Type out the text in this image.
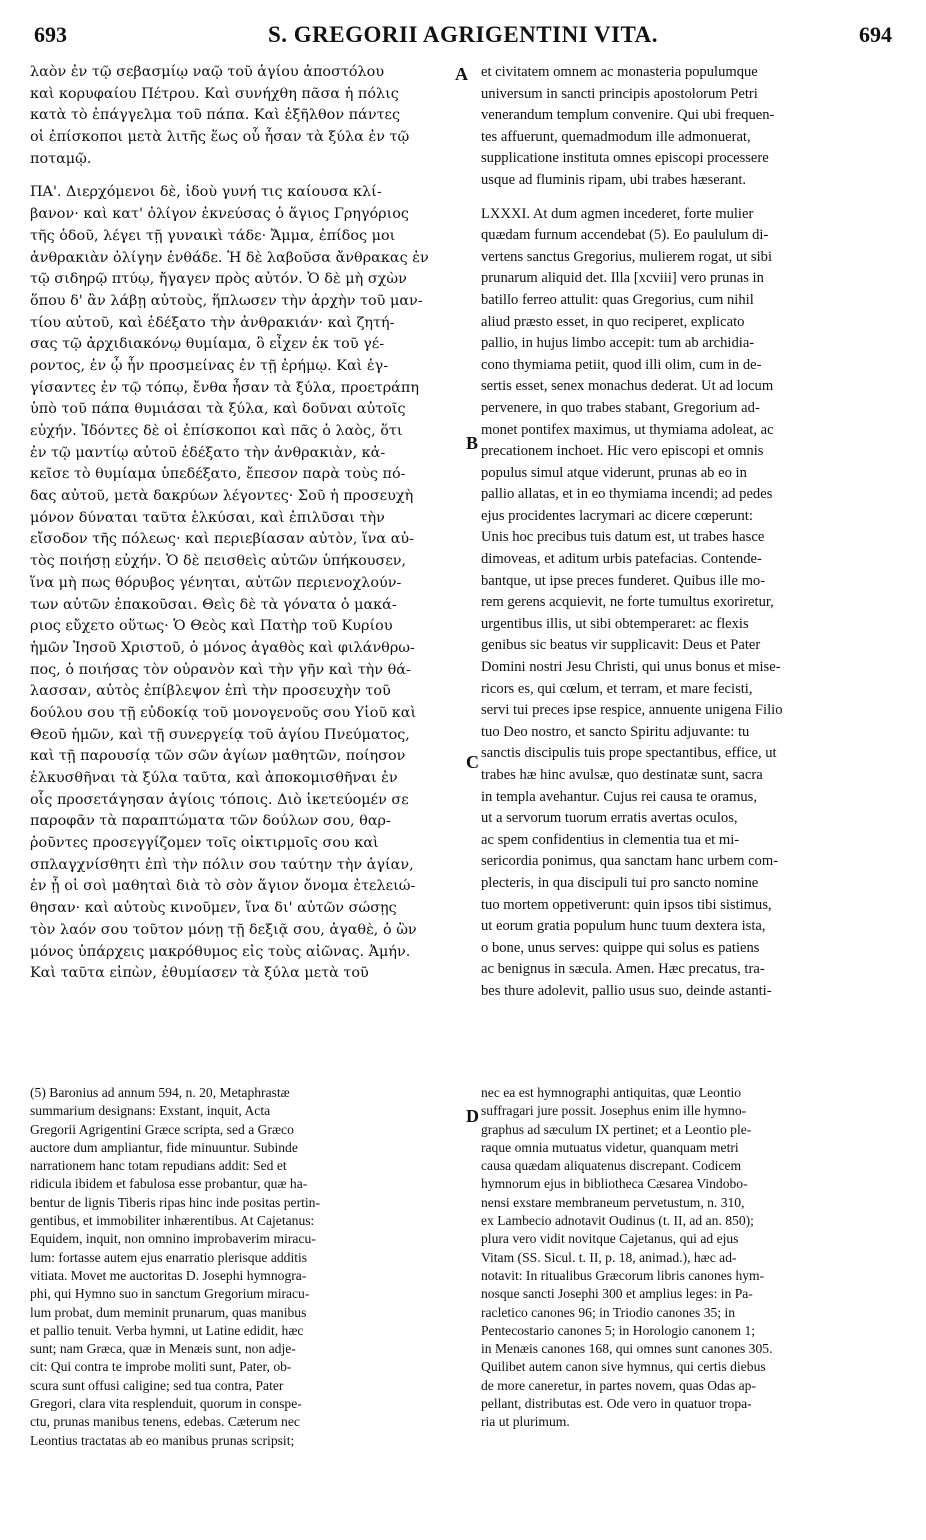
693	S. GREGORII AGRIGENTINI VITA.	694
A
B
C
D
λαὸν ἐν τῷ σεβασμίῳ ναῷ τοῦ ἁγίου ἀποστόλου
καὶ κορυφαίου Πέτρου. Καὶ συνήχθη πᾶσα ἡ πόλις
κατὰ τὸ ἐπάγγελμα τοῦ πάπα. Καὶ ἐξῆλθον πάντες
οἱ ἐπίσκοποι μετὰ λιτῆς ἕως οὗ ἦσαν τὰ ξύλα ἐν τῷ
ποταμῷ.
ΠΑ'. Διερχόμενοι δὲ, ἰδοὺ γυνή τις καίουσα κλί-
βανον· καὶ κατ' ὀλίγον ἐκνεύσας ὁ ἅγιος Γρηγόριος
τῆς ὁδοῦ, λέγει τῇ γυναικὶ τάδε· Ἄμμα, ἐπίδος μοι
ἀνθρακιὰν ὀλίγην ἐνθάδε. Ἡ δὲ λαβοῦσα ἄνθρακας ἐν
τῷ σιδηρῷ πτύῳ, ἤγαγεν πρὸς αὐτόν. Ὁ δὲ μὴ σχὼν
ὅπου δ' ἂν λάβῃ αὐτοὺς, ἥπλωσεν τὴν ἀρχὴν τοῦ μαν-
τίου αὐτοῦ, καὶ ἐδέξατο τὴν ἀνθρακιάν· καὶ ζητή-
σας τῷ ἀρχιδιακόνῳ θυμίαμα, ὃ εἶχεν ἐκ τοῦ γέ-
ροντος, ἐν ᾧ ἦν προσμείνας ἐν τῇ ἐρήμῳ. Καὶ ἐγ-
γίσαντες ἐν τῷ τόπῳ, ἔνθα ἦσαν τὰ ξύλα, προετράπη
ὑπὸ τοῦ πάπα θυμιάσαι τὰ ξύλα, καὶ δοῦναι αὐτοῖς
εὐχήν. Ἰδόντες δὲ οἱ ἐπίσκοποι καὶ πᾶς ὁ λαὸς, ὅτι
ἐν τῷ μαντίῳ αὐτοῦ ἐδέξατο τὴν ἀνθρακιὰν, κἀ-
κεῖσε τὸ θυμίαμα ὑπεδέξατο, ἔπεσον παρὰ τοὺς πό-
δας αὐτοῦ, μετὰ δακρύων λέγοντες· Σοῦ ἡ προσευχὴ
μόνον δύναται ταῦτα ἑλκύσαι, καὶ ἐπιλῦσαι τὴν
εἴσοδον τῆς πόλεως· καὶ περιεβίασαν αὐτὸν, ἵνα αὐ-
τὸς ποιήσῃ εὐχήν. Ὁ δὲ πεισθεὶς αὐτῶν ὑπήκουσεν,
ἵνα μὴ πως θόρυβος γένηται, αὐτῶν περιενοχλούν-
των αὐτῶν ἐπακοῦσαι. Θεὶς δὲ τὰ γόνατα ὁ μακά-
ριος εὔχετο οὕτως· Ὁ Θεὸς καὶ Πατὴρ τοῦ Κυρίου
ἡμῶν Ἰησοῦ Χριστοῦ, ὁ μόνος ἀγαθὸς καὶ φιλάνθρω-
πος, ὁ ποιήσας τὸν οὐρανὸν καὶ τὴν γῆν καὶ τὴν θά-
λασσαν, αὐτὸς ἐπίβλεψον ἐπὶ τὴν προσευχὴν τοῦ
δούλου σου τῇ εὐδοκίᾳ τοῦ μονογενοῦς σου Υἱοῦ καὶ
Θεοῦ ἡμῶν, καὶ τῇ συνεργείᾳ τοῦ ἁγίου Πνεύματος,
καὶ τῇ παρουσίᾳ τῶν σῶν ἁγίων μαθητῶν, ποίησον
ἑλκυσθῆναι τὰ ξύλα ταῦτα, καὶ ἀποκομισθῆναι ἐν
οἷς προσετάγησαν ἁγίοις τόποις. Διὸ ἱκετεύομέν σε
παροφᾶν τὰ παραπτώματα τῶν δούλων σου, θαρ-
ῥοῦντες προσεγγίζομεν τοῖς οἰκτιρμοῖς σου καὶ
σπλαγχνίσθητι ἐπὶ τὴν πόλιν σου ταύτην τὴν ἁγίαν,
ἐν ᾗ οἱ σοὶ μαθηταὶ διὰ τὸ σὸν ἅγιον ὄνομα ἐτελειώ-
θησαν· καὶ αὐτοὺς κινοῦμεν, ἵνα δι' αὐτῶν σώσῃς
τὸν λαόν σου τοῦτον μόνῃ τῇ δεξιᾷ σου, ἀγαθὲ, ὁ ὢν
μόνος ὑπάρχεις μακρόθυμος εἰς τοὺς αἰῶνας. Ἀμήν.
Καὶ ταῦτα εἰπὼν, ἐθυμίασεν τὰ ξύλα μετὰ τοῦ
et civitatem omnem ac monasteria populumque
universum in sancti principis apostolorum Petri
venerandum templum convenire. Qui ubi frequen-
tes affuerunt, quemadmodum ille admonuerat,
supplicatione instituta omnes episcopi processere
usque ad fluminis ripam, ubi trabes hæserant.
LXXXI. At dum agmen incederet, forte mulier
quædam furnum accendebat (5). Eo paululum di-
vertens sanctus Gregorius, mulierem rogat, ut sibi
prunarum aliquid det. Illa [xcviii] vero prunas in
batillo ferreo attulit: quas Gregorius, cum nihil
aliud præsto esset, in quo reciperet, explicato
pallio, in hujus limbo accepit: tum ab archidia-
cono thymiama petiit, quod illi olim, cum in de-
sertis esset, senex monachus dederat. Ut ad locum
pervenere, in quo trabes stabant, Gregorium ad-
monet pontifex maximus, ut thymiama adoleat, ac
precationem inchoet. Hic vero episcopi et omnis
populus simul atque viderunt, prunas ab eo in
pallio allatas, et in eo thymiama incendi; ad pedes
ejus procidentes lacrymari ac dicere cœperunt:
Unis hoc precibus tuis datum est, ut trabes hasce
dimoveas, et aditum urbis patefacias. Contende-
bantque, ut ipse preces funderet. Quibus ille mo-
rem gerens acquievit, ne forte tumultus exoriretur,
urgentibus illis, ut sibi obtemperaret: ac flexis
genibus sic beatus vir supplicavit: Deus et Pater
Domini nostri Jesu Christi, qui unus bonus et mise-
ricors es, qui cœlum, et terram, et mare fecisti,
servi tui preces ipse respice, annuente unigena Filio
tuo Deo nostro, et sancto Spiritu adjuvante: tu
sanctis discipulis tuis prope spectantibus, effice, ut
trabes hæ hinc avulsæ, quo destinatæ sunt, sacra
in templa avehantur. Cujus rei causa te oramus,
ut a servorum tuorum erratis avertas oculos,
ac spem confidentius in clementia tua et mi-
sericordia ponimus, qua sanctam hanc urbem com-
plecteris, in qua discipuli tui pro sancto nomine
tuo mortem oppetiverunt: quin ipsos tibi sistimus,
ut eorum gratia populum hunc tuum dextera ista,
o bone, unus serves: quippe qui solus es patiens
ac benignus in sæcula. Amen. Hæc precatus, tra-
bes thure adolevit, pallio usus suo, deinde astanti-
(5) Baronius ad annum 594, n. 20, Metaphrastæ
summarium designans: Exstant, inquit, Acta
Gregorii Agrigentini Græce scripta, sed a Græco
auctore dum ampliantur, fide minuuntur. Subinde
narrationem hanc totam repudians addit: Sed et
ridicula ibidem et fabulosa esse probantur, quæ ha-
bentur de lignis Tiberis ripas hinc inde positas pertin-
gentibus, et immobiliter inhærentibus. At Cajetanus:
Equidem, inquit, non omnino improbaverim miracu-
lum: fortasse autem ejus enarratio plerisque additis
vitiata. Movet me auctoritas D. Josephi hymnogra-
phi, qui Hymno suo in sanctum Gregorium miracu-
lum probat, dum meminit prunarum, quas manibus
et pallio tenuit. Verba hymni, ut Latine edidit, hæc
sunt; nam Græca, quæ in Menæis sunt, non adje-
cit: Qui contra te improbe moliti sunt, Pater, ob-
scura sunt offusi caligine; sed tua contra, Pater
Gregori, clara vita resplenduit, quorum in conspe-
ctu, prunas manibus tenens, edebas. Cæterum nec
Leontius tractatas ab eo manibus prunas scripsit;
nec ea est hymnographi antiquitas, quæ Leontio
suffragari jure possit. Josephus enim ille hymno-
graphus ad sæculum IX pertinet; et a Leontio ple-
raque omnia mutuatus videtur, quanquam metri
causa quædam aliquatenus discrepant. Codicem
hymnorum ejus in bibliotheca Cæsarea Vindobo-
nensi exstare membraneum pervetustum, n. 310,
ex Lambecio adnotavit Oudinus (t. II, ad an. 850);
plura vero vidit novitque Cajetanus, qui ad ejus
Vitam (SS. Sicul. t. II, p. 18, animad.), hæc ad-
notavit: In ritualibus Græcorum libris canones hym-
nosque sancti Josephi 300 et amplius leges: in Pa-
racletico canones 96; in Triodio canones 35; in
Pentecostario canones 5; in Horologio canonem 1;
in Menæis canones 168, qui omnes sunt canones 305.
Quilibet autem canon sive hymnus, qui certis diebus
de more caneretur, in partes novem, quas Odas ap-
pellant, distributas est. Ode vero in quatuor tropa-
ria ut plurimum.
